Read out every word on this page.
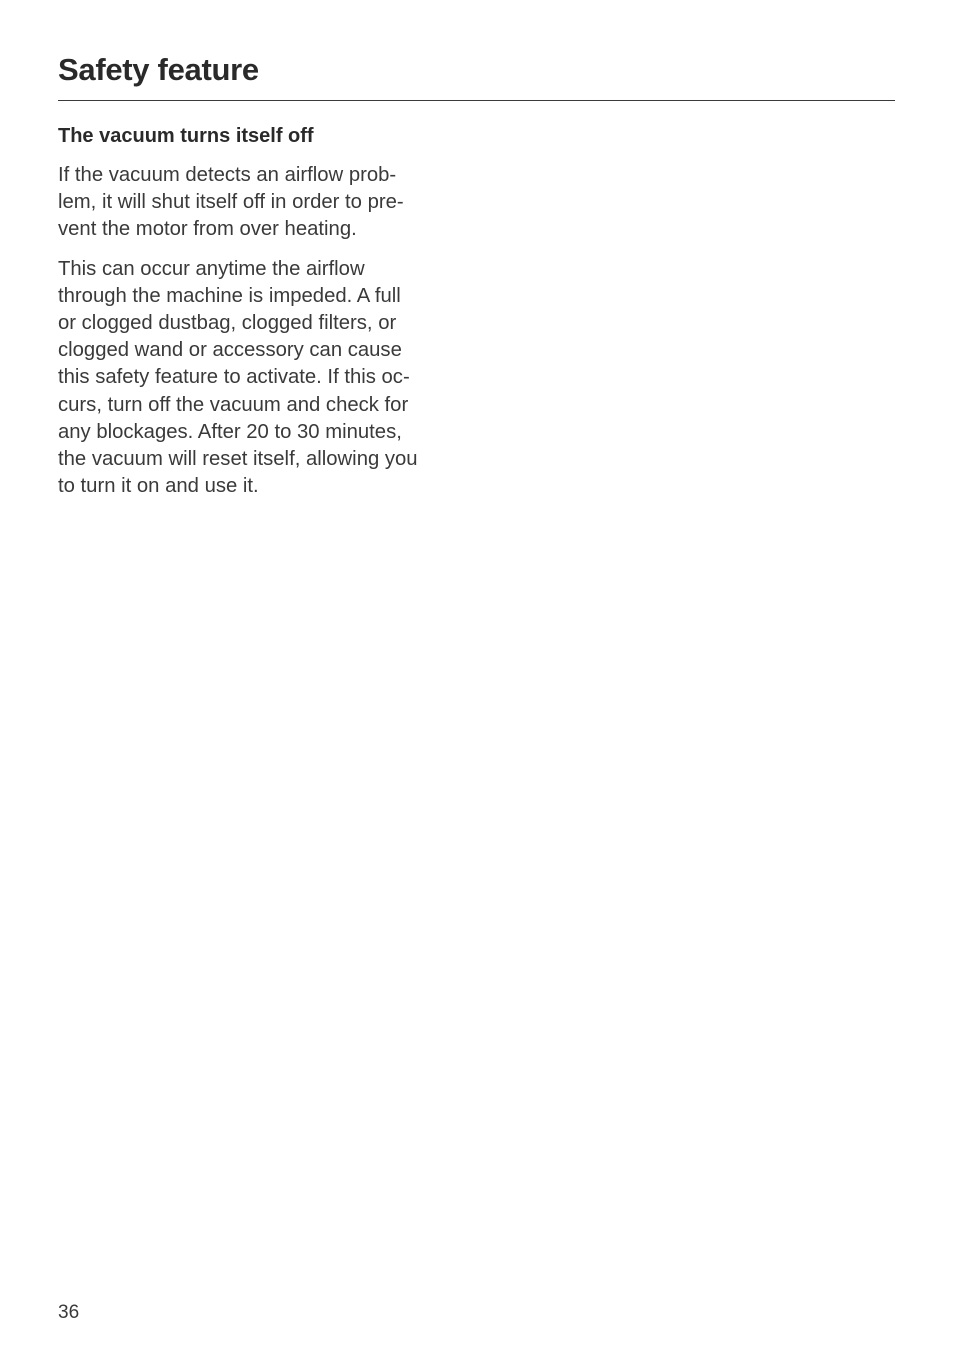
Safety feature
The vacuum turns itself off

If the vacuum detects an airflow prob-
lem, it will shut itself off in order to pre-
vent the motor from over heating.

This can occur anytime the airflow
through the machine is impeded. A full
or clogged dustbag, clogged filters, or
clogged wand or accessory can cause
this safety feature to activate. If this oc-
curs, turn off the vacuum and check for
any blockages. After 20 to 30 minutes,
the vacuum will reset itself, allowing you
to turn it on and use it.

36
